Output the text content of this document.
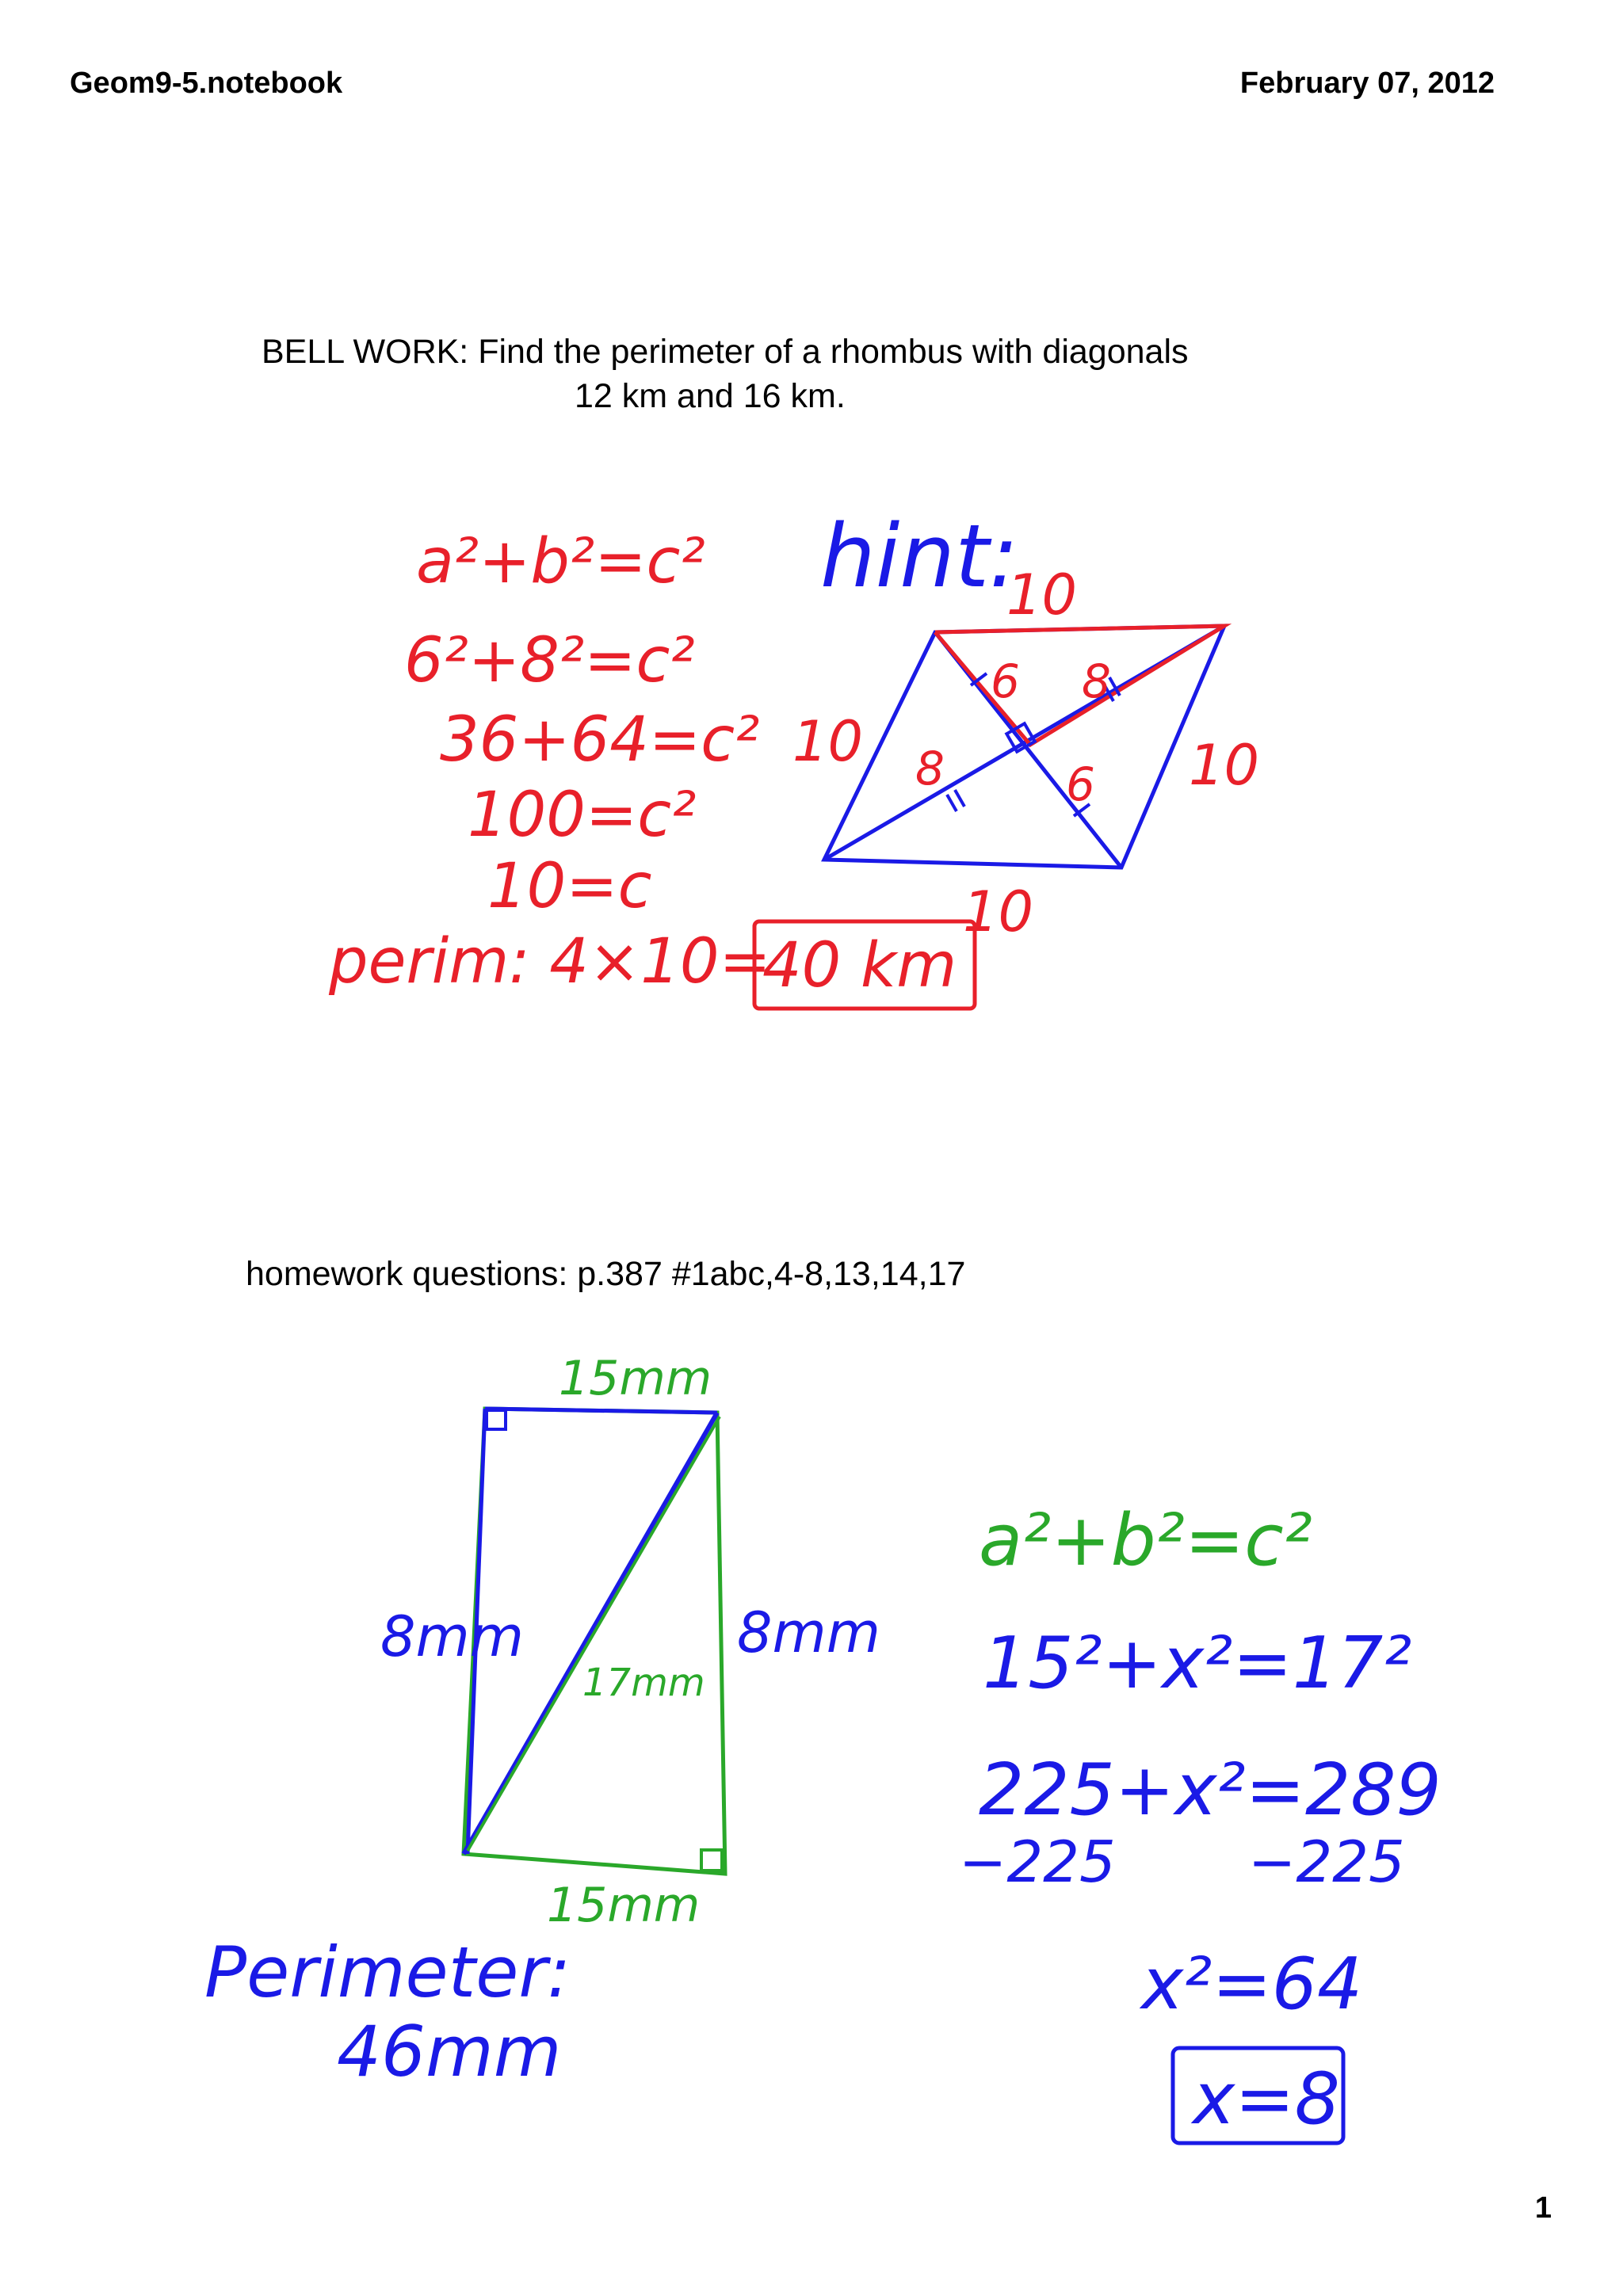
Geom9-5.notebook	February 07, 2012
BELL WORK: Find the perimeter of a rhombus with diagonals
12 km and 16 km.
homework questions: p.387 #1abc,4-8,13,14,17
a²+b²=c²
6²+8²=c²
36+64=c²
100=c²
10=c
perim: 4×10=
40 km
hint:
10
10	10
10
6 8
8	6
15mm
15mm
17mm
8mm	8mm
Perimeter:
46mm
a²+b²=c²
15²+x²=17²
225+x²=289
−225 −225
x²=64
x=8
1
